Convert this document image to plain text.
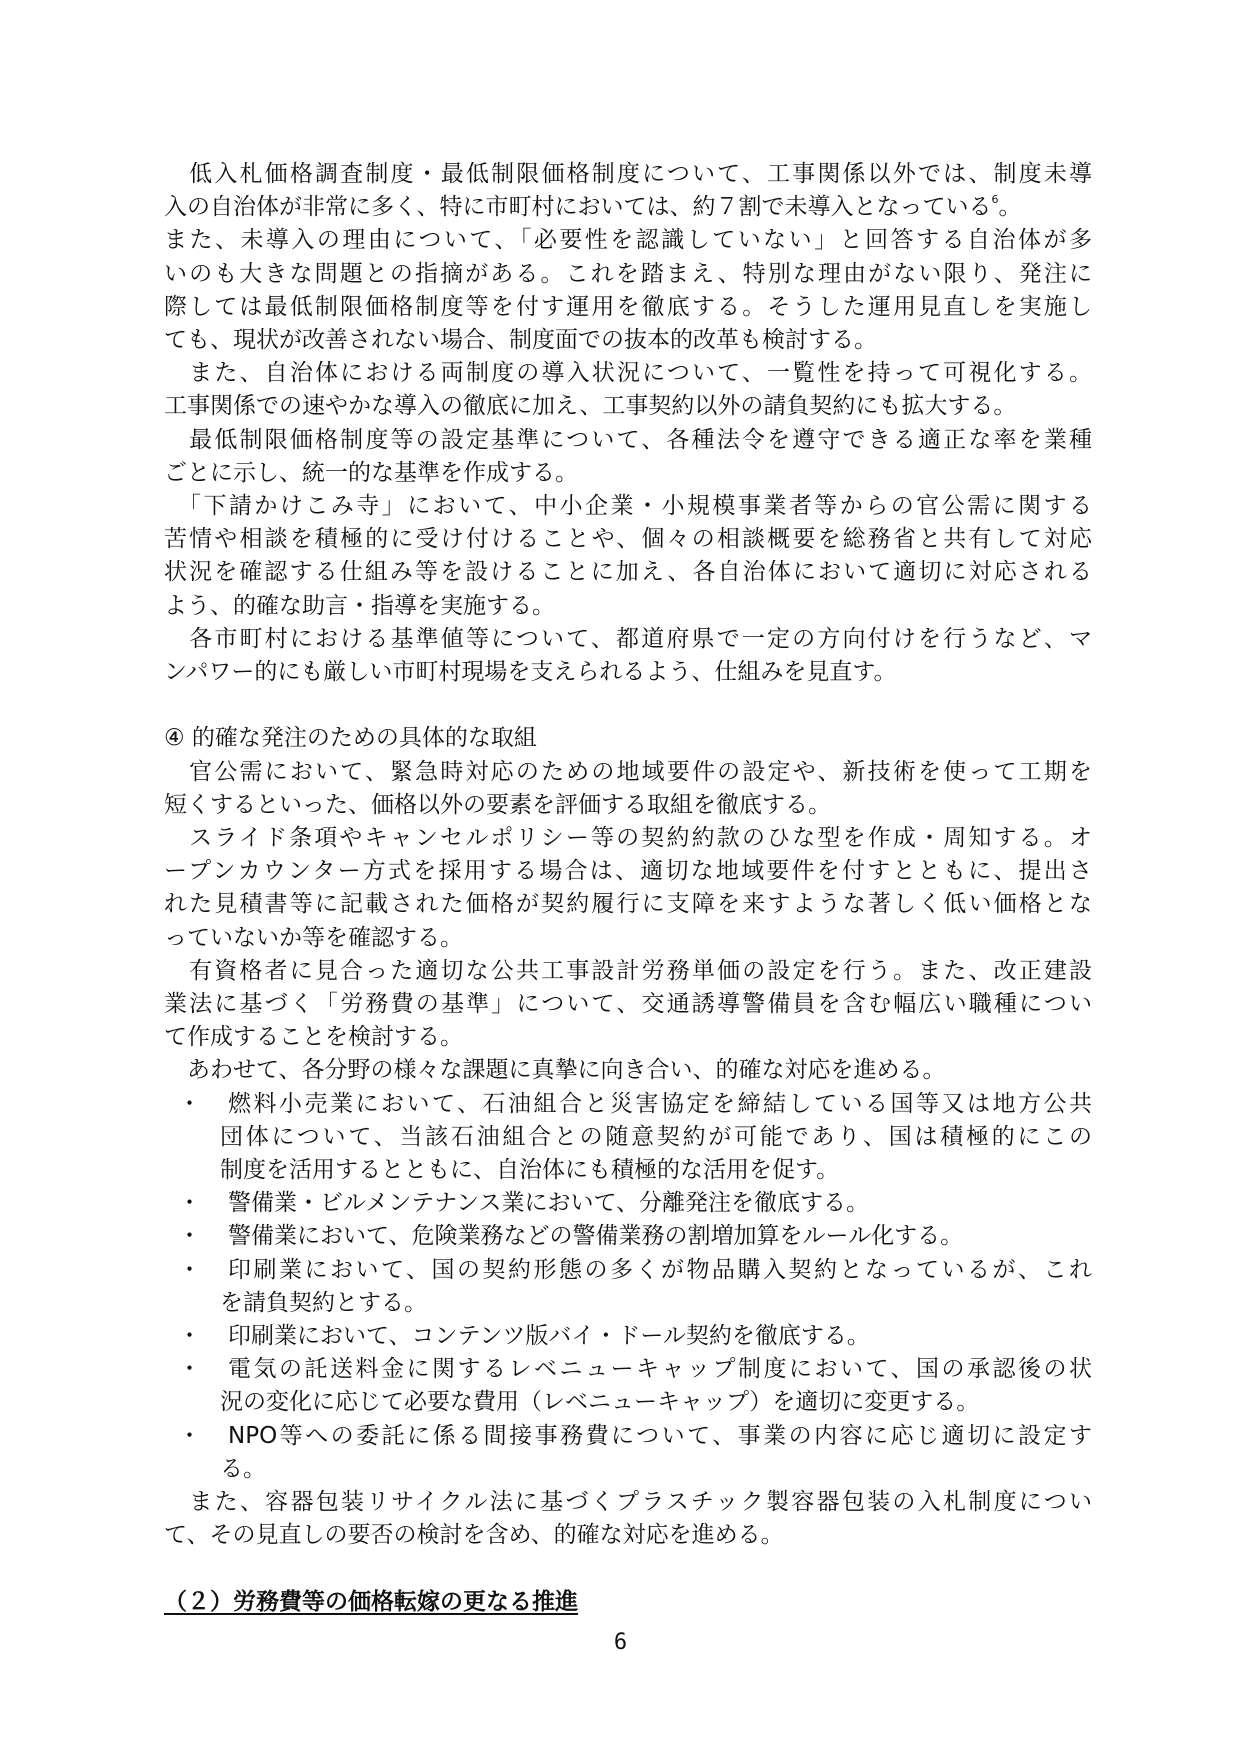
　低入札価格調査制度・最低制限価格制度について、工事関係以外では、制度未導
入の自治体が非常に多く、特に市町村においては、約７割で未導入となっている$^6$。
また、未導入の理由について、「必要性を認識していない」と回答する自治体が多
いのも大きな問題との指摘がある。これを踏まえ、特別な理由がない限り、発注に
際しては最低制限価格制度等を付す運用を徹底する。そうした運用見直しを実施し
ても、現状が改善されない場合、制度面での抜本的改革も検討する。
　また、自治体における両制度の導入状況について、一覧性を持って可視化する。
工事関係での速やかな導入の徹底に加え、工事契約以外の請負契約にも拡大する。
　最低制限価格制度等の設定基準について、各種法令を遵守できる適正な率を業種
ごとに示し、統一的な基準を作成する。
　「下請かけこみ寺」において、中小企業・小規模事業者等からの官公需に関する
苦情や相談を積極的に受け付けることや、個々の相談概要を総務省と共有して対応
状況を確認する仕組み等を設けることに加え、各自治体において適切に対応される
よう、的確な助言・指導を実施する。
　各市町村における基準値等について、都道府県で一定の方向付けを行うなど、マ
ンパワー的にも厳しい市町村現場を支えられるよう、仕組みを見直す。
④ 的確な発注のための具体的な取組
　官公需において、緊急時対応のための地域要件の設定や、新技術を使って工期を
短くするといった、価格以外の要素を評価する取組を徹底する。
　スライド条項やキャンセルポリシー等の契約約款のひな型を作成・周知する。オ
ープンカウンター方式を採用する場合は、適切な地域要件を付すとともに、提出さ
れた見積書等に記載された価格が契約履行に支障を来すような著しく低い価格とな
っていないか等を確認する。
　有資格者に見合った適切な公共工事設計労務単価の設定を行う。また、改正建設
業法に基づく「労務費の基準」について、交通誘導警備員を含む幅広い職種につい
て作成することを検討する。
　あわせて、各分野の様々な課題に真摯に向き合い、的確な対応を進める。
燃料小売業において、石油組合と災害協定を締結している国等又は地方公共
・
団体について、当該石油組合との随意契約が可能であり、国は積極的にこの
制度を活用するとともに、自治体にも積極的な活用を促す。
警備業・ビルメンテナンス業において、分離発注を徹底する。
・
警備業において、危険業務などの警備業務の割増加算をルール化する。
・
印刷業において、国の契約形態の多くが物品購入契約となっているが、これ
・
を請負契約とする。
印刷業において、コンテンツ版バイ・ドール契約を徹底する。
・
電気の託送料金に関するレベニューキャップ制度において、国の承認後の状
・
況の変化に応じて必要な費用（レベニューキャップ）を適切に変更する。
NPO等への委託に係る間接事務費について、事業の内容に応じ適切に設定す
・
る。
　また、容器包装リサイクル法に基づくプラスチック製容器包装の入札制度につい
て、その見直しの要否の検討を含め、的確な対応を進める。
（２）労務費等の価格転嫁の更なる推進
6
